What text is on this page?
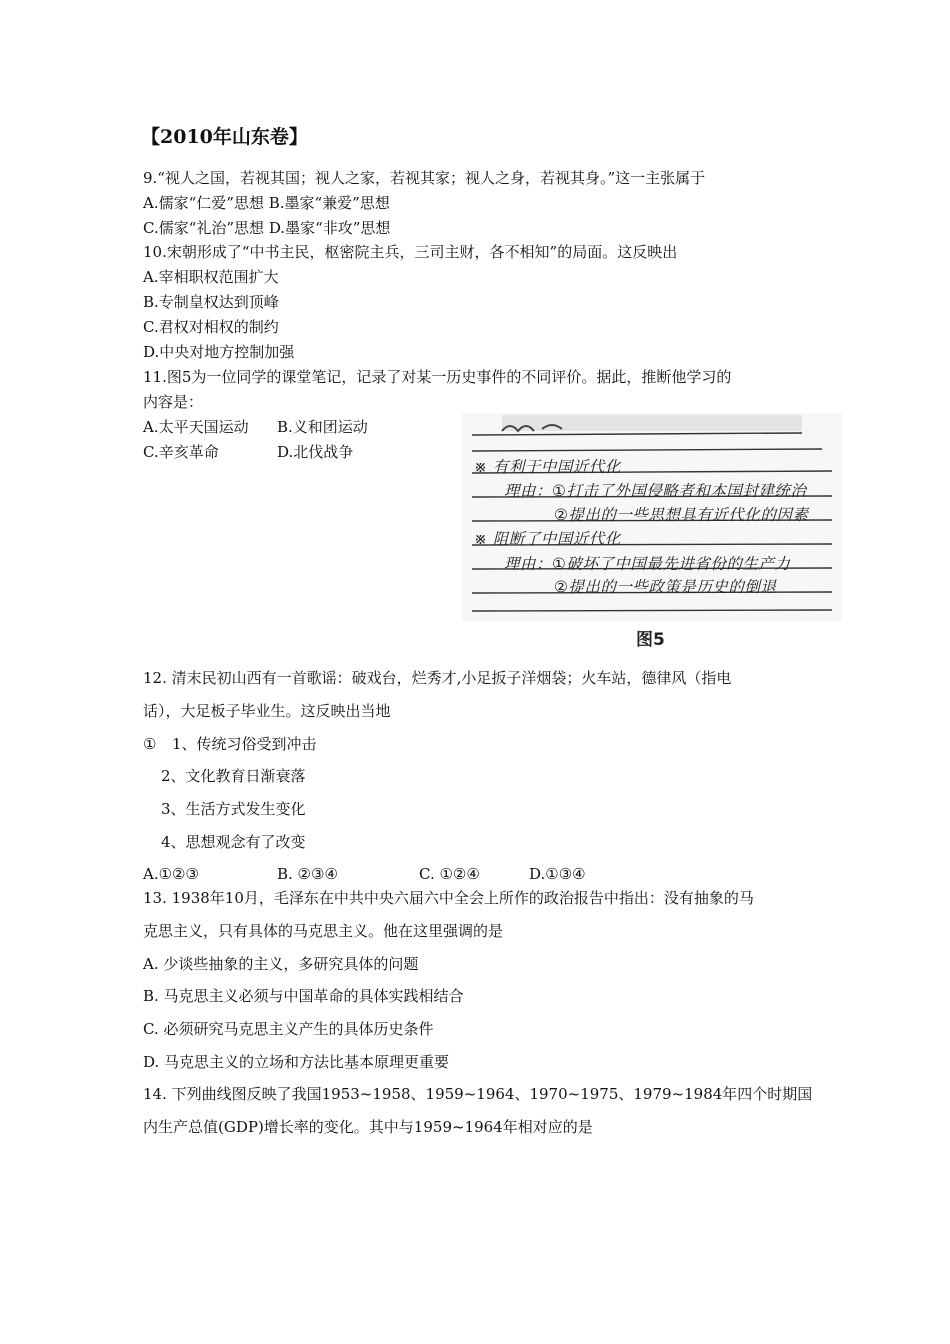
【2010年山东卷】
9.“视人之国，若视其国；视人之家，若视其家；视人之身，若视其身。”这一主张属于
A.儒家“仁爱”思想 B.墨家“兼爱”思想
C.儒家“礼治”思想 D.墨家“非攻”思想
10.宋朝形成了“中书主民，枢密院主兵，三司主财，各不相知”的局面。这反映出
A.宰相职权范围扩大
B.专制皇权达到顶峰
C.君权对相权的制约
D.中央对地方控制加强
11.图5为一位同学的课堂笔记，记录了对某一历史事件的不同评价。据此，推断他学习的
内容是：
A.太平天国运动 B.义和团运动
C.辛亥革命	D.北伐战争
※ 有利于中国近代化
理由：①打击了外国侵略者和本国封建统治
②提出的一些思想具有近代化的因素
※ 阻断了中国近代化
理由：①破坏了中国最先进省份的生产力
②提出的一些政策是历史的倒退
图5
12. 清末民初山西有一首歌谣：破戏台，烂秀才,小足扳子洋烟袋；火车站，德律风（指电
话），大足板子毕业生。这反映出当地
① 1、传统习俗受到冲击
2、文化教育日渐衰落
3、生活方式发生变化
4、思想观念有了改变
A.①②③	B. ②③④	C. ①②④	D.①③④
13. 1938年10月，毛泽东在中共中央六届六中全会上所作的政治报告中指出：没有抽象的马
克思主义，只有具体的马克思主义。他在这里强调的是
A. 少谈些抽象的主义，多研究具体的问题
B. 马克思主义必须与中国革命的具体实践相结合
C. 必须研究马克思主义产生的具体历史条件
D. 马克思主义的立场和方法比基本原理更重要
14. 下列曲线图反映了我国1953~1958、1959~1964、1970~1975、1979~1984年四个时期国
内生产总值(GDP)增长率的变化。其中与1959~1964年相对应的是
